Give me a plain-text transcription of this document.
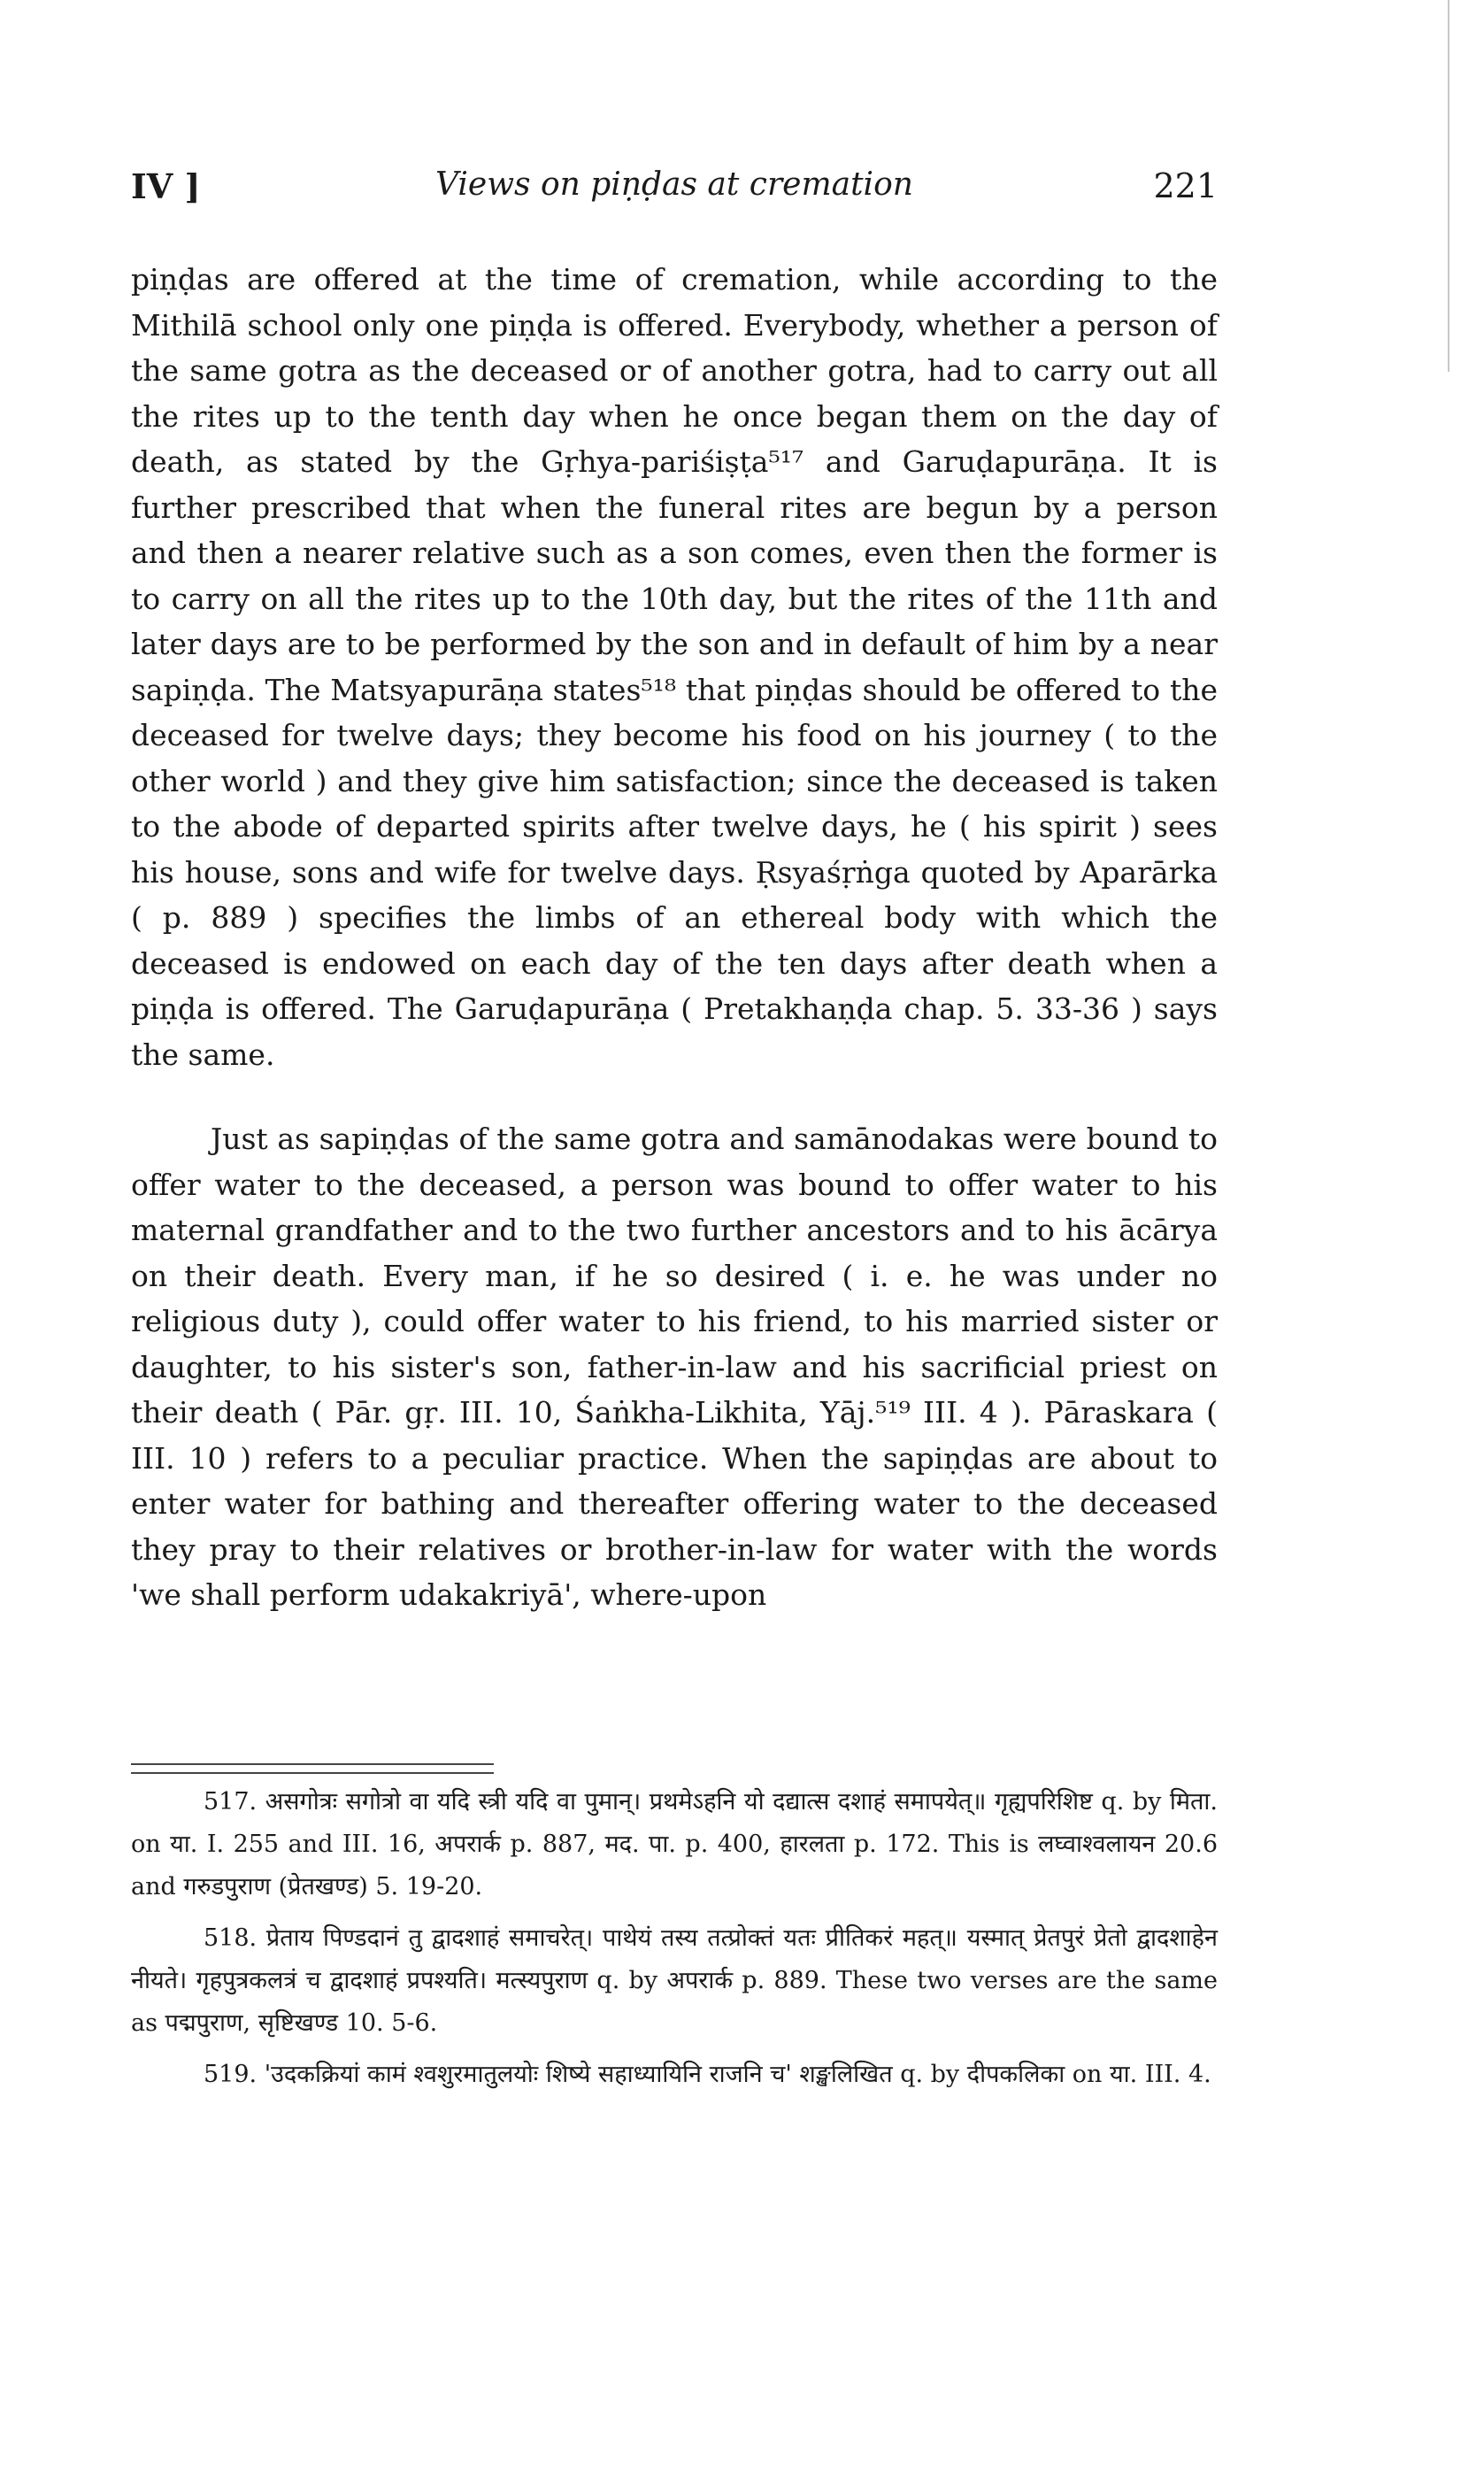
IV ]	Views on piṇḍas at cremation	221

piṇḍas are offered at the time of cremation, while according to the Mithilā school only one piṇḍa is offered. Everybody, whether a person of the same gotra as the deceased or of another gotra, had to carry out all the rites up to the tenth day when he once began them on the day of death, as stated by the Gṛhya-pariśiṣṭa⁵¹⁷ and Garuḍapurāṇa. It is further prescribed that when the funeral rites are begun by a person and then a nearer relative such as a son comes, even then the former is to carry on all the rites up to the 10th day, but the rites of the 11th and later days are to be performed by the son and in default of him by a near sapiṇḍa. The Matsyapurāṇa states⁵¹⁸ that piṇḍas should be offered to the deceased for twelve days; they become his food on his journey ( to the other world ) and they give him satisfaction; since the deceased is taken to the abode of departed spirits after twelve days, he ( his spirit ) sees his house, sons and wife for twelve days. Ṛsyaśṛṅga quoted by Aparārka ( p. 889 ) specifies the limbs of an ethereal body with which the deceased is endowed on each day of the ten days after death when a piṇḍa is offered. The Garuḍapurāṇa ( Pretakhaṇḍa chap. 5. 33-36 ) says the same.

Just as sapiṇḍas of the same gotra and samānodakas were bound to offer water to the deceased, a person was bound to offer water to his maternal grandfather and to the two further ancestors and to his ācārya on their death. Every man, if he so desired ( i. e. he was under no religious duty ), could offer water to his friend, to his married sister or daughter, to his sister's son, father-in-law and his sacrificial priest on their death ( Pār. gṛ. III. 10, Śaṅkha-Likhita, Yāj.⁵¹⁹ III. 4 ). Pāraskara ( III. 10 ) refers to a peculiar practice. When the sapiṇḍas are about to enter water for bathing and thereafter offering water to the deceased they pray to their relatives or brother-in-law for water with the words 'we shall perform udakakriyā', where-upon

517. असगोत्रः सगोत्रो वा यदि स्त्री यदि वा पुमान्। प्रथमेऽहनि यो दद्यात्स दशाहं समापयेत्॥ गृह्यपरिशिष्ट q. by मिता. on या. I. 255 and III. 16, अपरार्क p. 887, मद. पा. p. 400, हारलता p. 172. This is लघ्वाश्वलायन 20.6 and गरुडपुराण (प्रेतखण्ड) 5. 19-20.

518. प्रेताय पिण्डदानं तु द्वादशाहं समाचरेत्। पाथेयं तस्य तत्प्रोक्तं यतः प्रीतिकरं महत्॥ यस्मात् प्रेतपुरं प्रेतो द्वादशाहेन नीयते। गृहपुत्रकलत्रं च द्वादशाहं प्रपश्यति। मत्स्यपुराण q. by अपरार्क p. 889. These two verses are the same as पद्मपुराण, सृष्टिखण्ड 10. 5-6.

519. 'उदकक्रियां कामं श्वशुरमातुलयोः शिष्ये सहाध्यायिनि राजनि च' शङ्खलिखित q. by दीपकलिका on या. III. 4.
